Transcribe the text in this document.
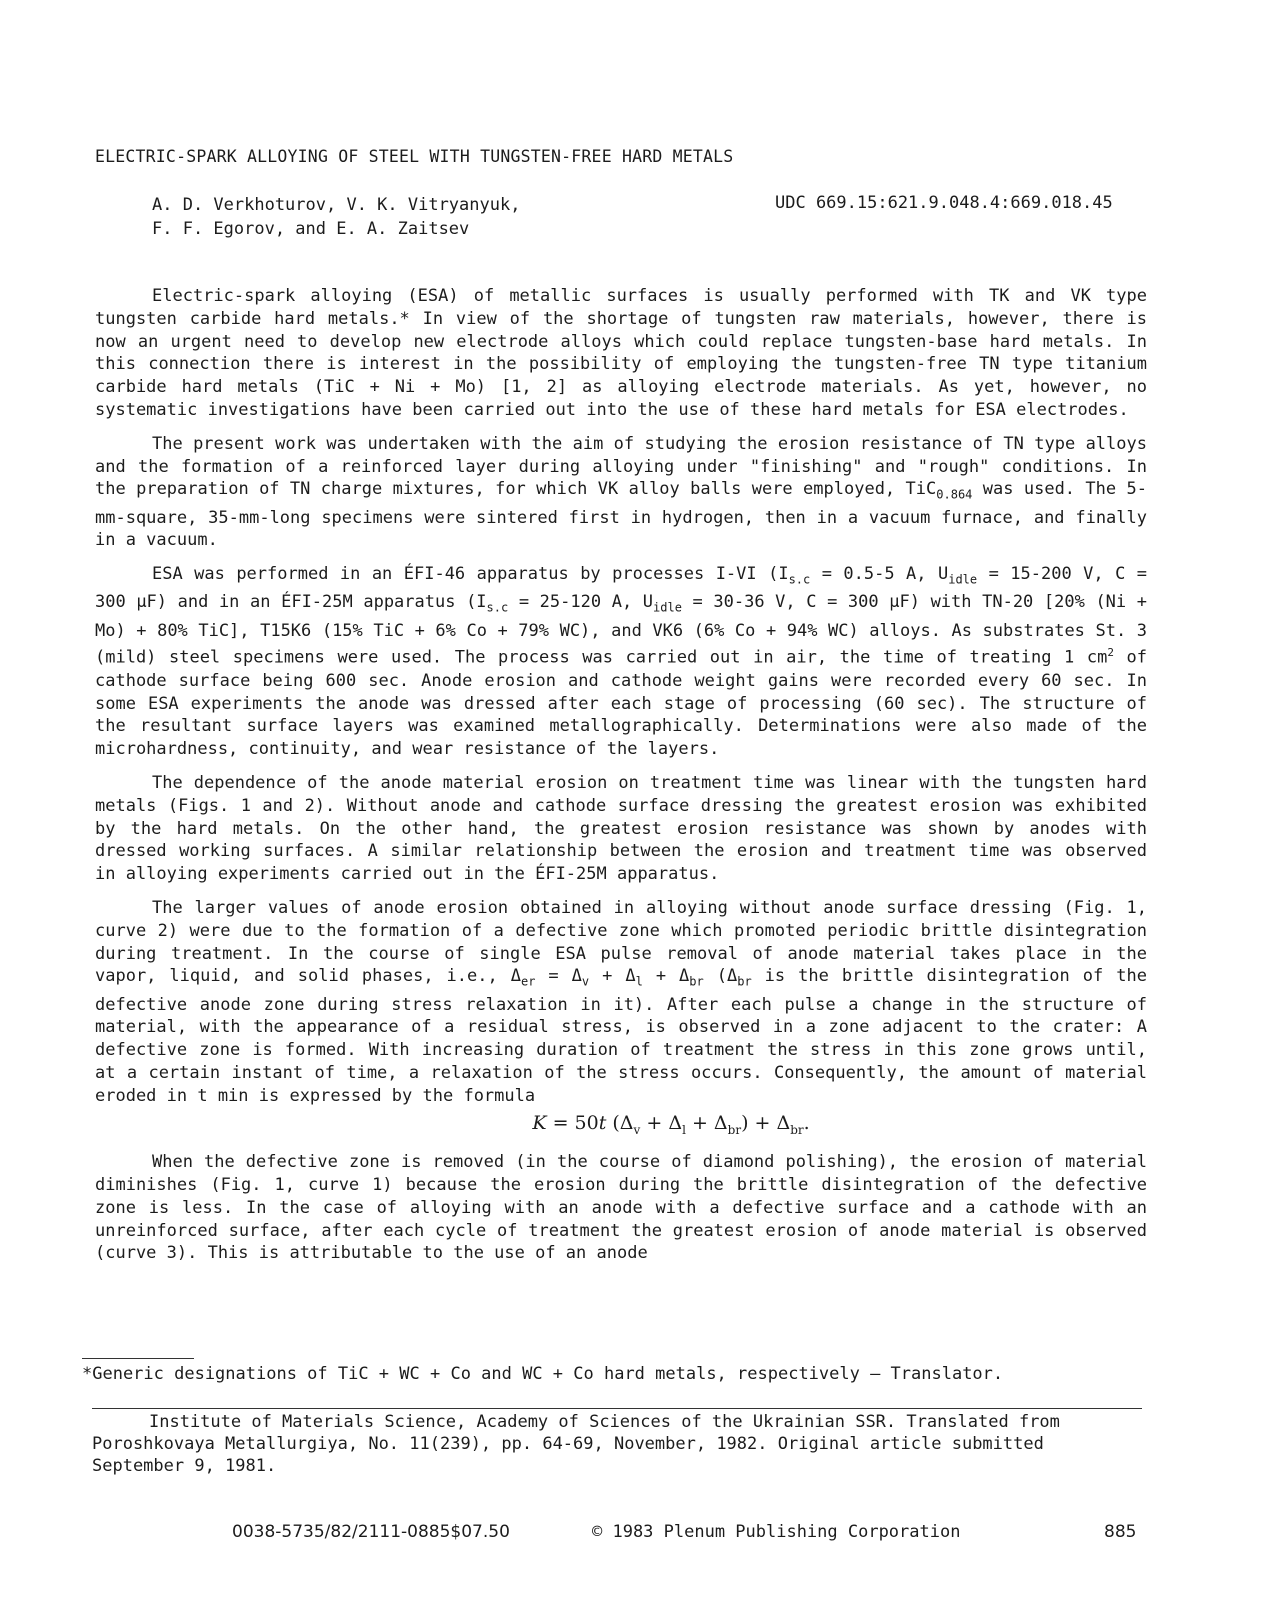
ELECTRIC-SPARK ALLOYING OF STEEL WITH TUNGSTEN-FREE HARD METALS
A. D. Verkhoturov, V. K. Vitryanyuk,
F. F. Egorov, and E. A. Zaitsev
UDC 669.15:621.9.048.4:669.018.45

Electric-spark alloying (ESA) of metallic surfaces is usually performed with TK and VK type tungsten carbide hard metals.* In view of the shortage of tungsten raw materials, however, there is now an urgent need to develop new electrode alloys which could replace tungsten-base hard metals. In this connection there is interest in the possibility of employing the tungsten-free TN type titanium carbide hard metals (TiC + Ni + Mo) [1, 2] as alloying electrode materials. As yet, however, no systematic investigations have been carried out into the use of these hard metals for ESA electrodes.

The present work was undertaken with the aim of studying the erosion resistance of TN type alloys and the formation of a reinforced layer during alloying under "finishing" and "rough" conditions. In the preparation of TN charge mixtures, for which VK alloy balls were employed, TiC$_{0.864}$ was used. The 5-mm-square, 35-mm-long specimens were sintered first in hydrogen, then in a vacuum furnace, and finally in a vacuum.

ESA was performed in an ÉFI-46 apparatus by processes I-VI ($I_{s.c} = 0.5-5$ A, $U_{idle} = 15-200$ V, C = 300 μF) and in an ÉFI-25M apparatus ($I_{s.c} = 25-120$ A, $U_{idle} = 30-36$ V, C = 300 μF) with TN-20 [20% (Ni + Mo) + 80% TiC], T15K6 (15% TiC + 6% Co + 79% WC), and VK6 (6% Co + 94% WC) alloys. As substrates St. 3 (mild) steel specimens were used. The process was carried out in air, the time of treating 1 $cm^2$ of cathode surface being 600 sec. Anode erosion and cathode weight gains were recorded every 60 sec. In some ESA experiments the anode was dressed after each stage of processing (60 sec). The structure of the resultant surface layers was examined metallographically. Determinations were also made of the microhardness, continuity, and wear resistance of the layers.

The dependence of the anode material erosion on treatment time was linear with the tungsten hard metals (Figs. 1 and 2). Without anode and cathode surface dressing the greatest erosion was exhibited by the hard metals. On the other hand, the greatest erosion resistance was shown by anodes with dressed working surfaces. A similar relationship between the erosion and treatment time was observed in alloying experiments carried out in the ÉFI-25M apparatus.

The larger values of anode erosion obtained in alloying without anode surface dressing (Fig. 1, curve 2) were due to the formation of a defective zone which promoted periodic brittle disintegration during treatment. In the course of single ESA pulse removal of anode material takes place in the vapor, liquid, and solid phases, i.e., $\Delta_{er} = \Delta_v + \Delta_l + \Delta_{br}$ ($\Delta_{br}$ is the brittle disintegration of the defective anode zone during stress relaxation in it). After each pulse a change in the structure of material, with the appearance of a residual stress, is observed in a zone adjacent to the crater: A defective zone is formed. With increasing duration of treatment the stress in this zone grows until, at a certain instant of time, a relaxation of the stress occurs. Consequently, the amount of material eroded in t min is expressed by the formula

K = 50t $(\Delta_v + \Delta_l + \Delta_{br}) + \Delta_{br}$.

When the defective zone is removed (in the course of diamond polishing), the erosion of material diminishes (Fig. 1, curve 1) because the erosion during the brittle disintegration of the defective zone is less. In the case of alloying with an anode with a defective surface and a cathode with an unreinforced surface, after each cycle of treatment the greatest erosion of anode material is observed (curve 3). This is attributable to the use of an anode

*Generic designations of TiC + WC + Co and WC + Co hard metals, respectively — Translator.
Institute of Materials Science, Academy of Sciences of the Ukrainian SSR. Translated from Poroshkovaya Metallurgiya, No. 11(239), pp. 64-69, November, 1982. Original article submitted September 9, 1981.
0038-5735/82/2111-0885$07.50	© 1983 Plenum Publishing Corporation	885
